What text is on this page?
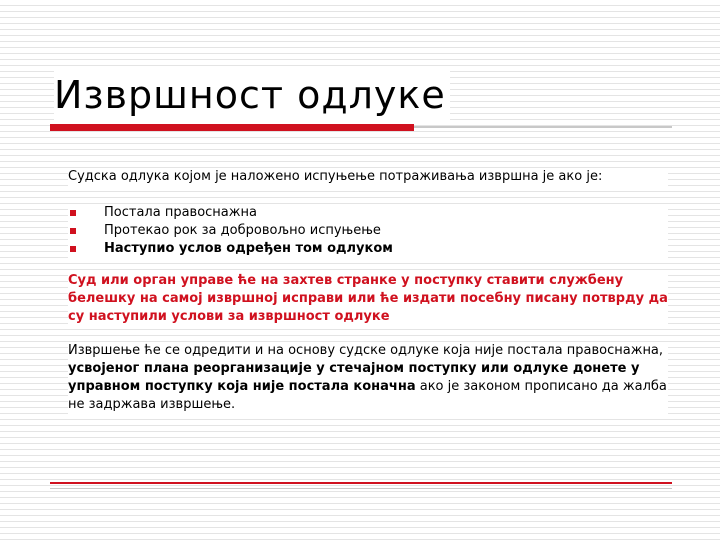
Извршност одлуке

Судска одлука којом је наложено испуњење потраживања извршна је ако је:

Постала правоснажна
Протекао рок за добровољно испуњење
Наступио услов одређен том одлуком

Суд или орган управе ће на захтев странке у поступку ставити службену белешку на самој извршној исправи или ће издати посебну писану потврду да су наступили услови за извршност одлуке

Извршење ће се одредити и на основу судске одлуке која није постала правоснажна, усвојеног плана реорганизације у стечајном поступку или одлуке донете у управном поступку која није постала коначна ако је законом прописано да жалба не задржава извршење.
